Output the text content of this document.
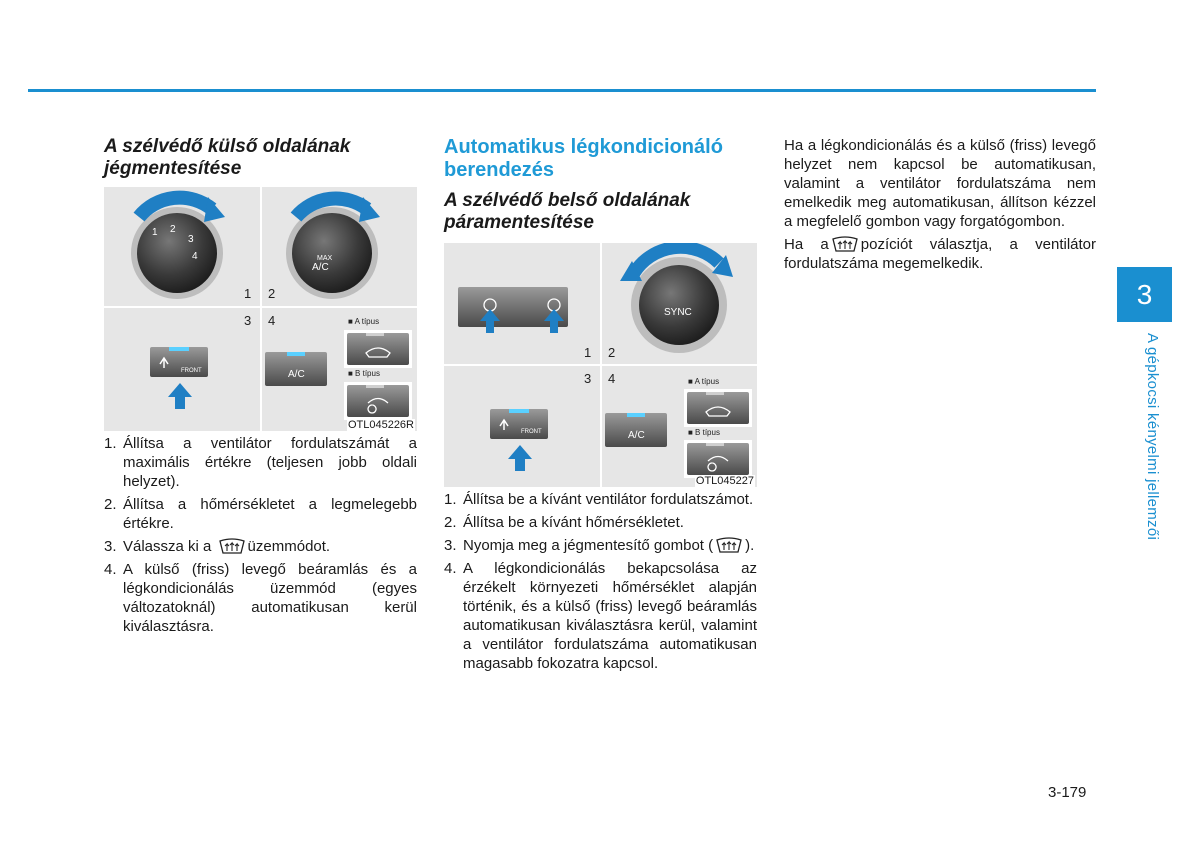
A szélvédő külső oldalának jégmentesítése
1 2
3
4	MAX
A/C
1 2
3 4
FRONT	A/C
■ A típus
■ B típus
OTL045226R
1. Állítsa a ventilátor fordulatszámát a maximális értékre (teljesen jobb oldali helyzet).
2. Állítsa a hőmérsékletet a legmelegebb értékre.
3. Válassza ki a üzemmódot.
4. A külső (friss) levegő beáramlás és a légkondicionálás üzemmód (egyes változatoknál) automatikusan kerül kiválasztásra.
Automatikus légkondicionáló berendezés
A szélvédő belső oldalának páramentesítése
SYNC
1 2
3 4
FRONT	A/C
■ A típus
■ B típus
OTL045227
1. Állítsa be a kívánt ventilátor fordulatszámot.
2. Állítsa be a kívánt hőmérsékletet.
3. Nyomja meg a jégmentesítő gombot ( ).
4. A légkondicionálás bekapcsolása az érzékelt környezeti hőmérséklet alapján történik, és a külső (friss) levegő beáramlás automatikusan kiválasztásra kerül, valamint a ventilátor fordulatszáma automatikusan magasabb fokozatra kapcsol.

Ha a légkondicionálás és a külső (friss) levegő helyzet nem kapcsol be automatikusan, valamint a ventilátor fordulatszáma nem emelkedik meg automatikusan, állítson kézzel a megfelelő gombon vagy forgatógombon.

Ha a pozíciót választja, a ventilátor fordulatszáma megemelkedik.

3
A gépkocsi kényelmi jellemzői
3-179
